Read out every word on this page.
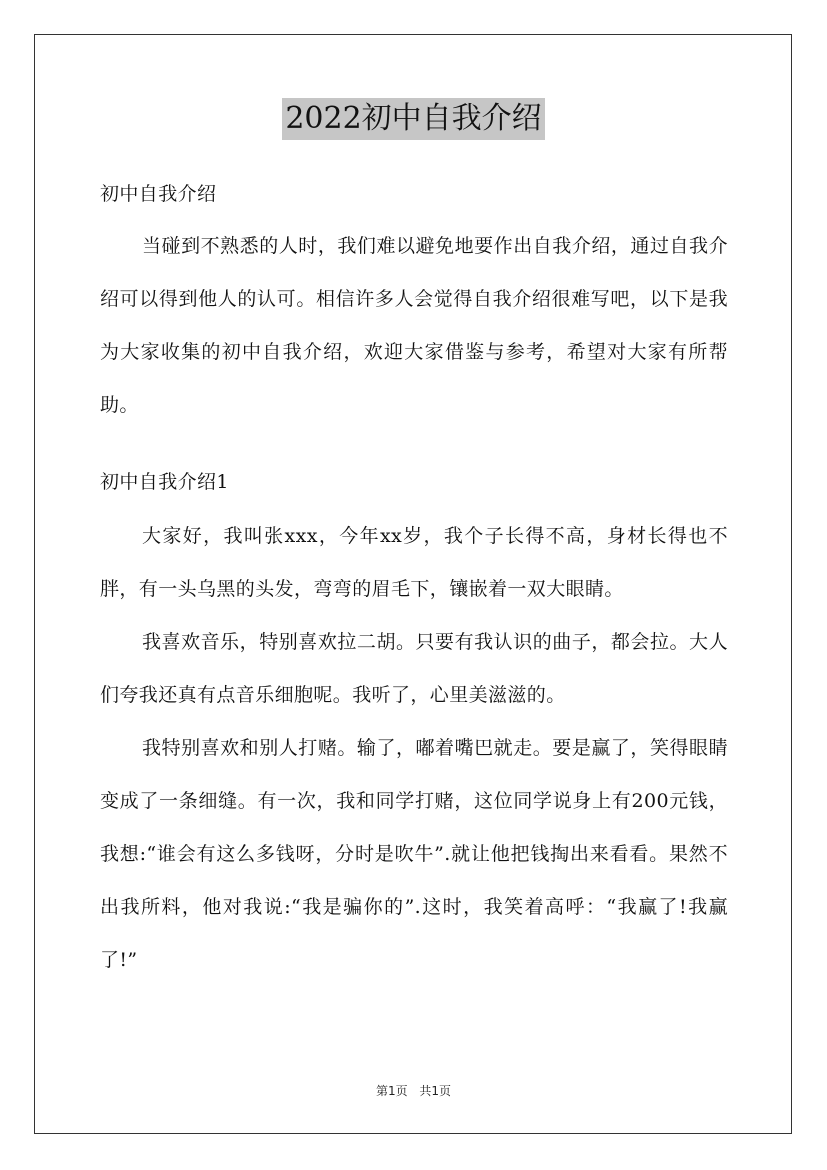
2022初中自我介绍

初中自我介绍

当碰到不熟悉的人时，我们难以避免地要作出自我介绍，通过自我介绍可以得到他人的认可。相信许多人会觉得自我介绍很难写吧，以下是我为大家收集的初中自我介绍，欢迎大家借鉴与参考，希望对大家有所帮助。

初中自我介绍1

大家好，我叫张xxx，今年xx岁，我个子长得不高，身材长得也不胖，有一头乌黑的头发，弯弯的眉毛下，镶嵌着一双大眼睛。

我喜欢音乐，特别喜欢拉二胡。只要有我认识的曲子，都会拉。大人们夸我还真有点音乐细胞呢。我听了，心里美滋滋的。

我特别喜欢和别人打赌。输了，嘟着嘴巴就走。要是赢了，笑得眼睛变成了一条细缝。有一次，我和同学打赌，这位同学说身上有200元钱，我想:“谁会有这么多钱呀，分时是吹牛”.就让他把钱掏出来看看。果然不出我所料，他对我说:“我是骗你的”.这时，我笑着高呼：“我赢了!我赢了!”

第1页 共1页
